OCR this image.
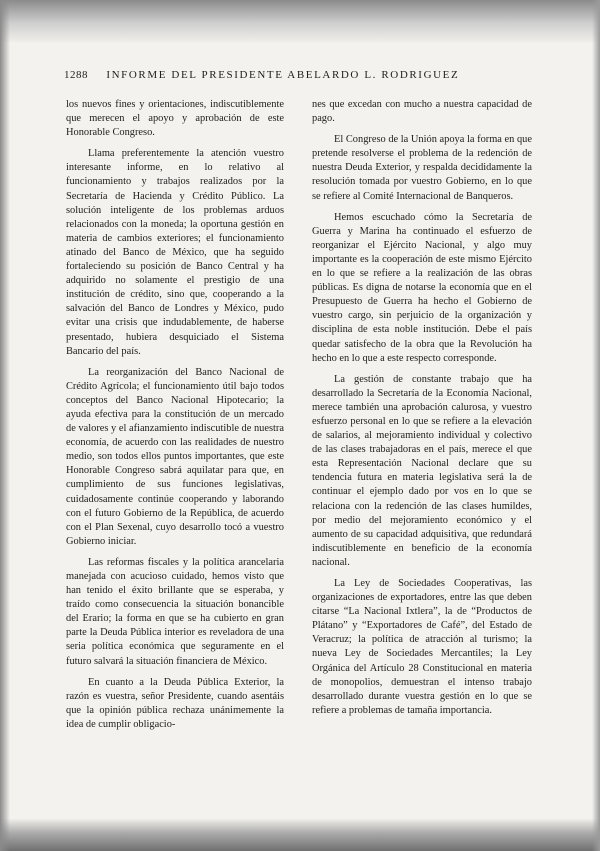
1288 INFORME DEL PRESIDENTE ABELARDO L. RODRIGUEZ

los nuevos fines y orientaciones, indiscutiblemente que merecen el apoyo y aprobación de este Honorable Congreso.

Llama preferentemente la atención vuestro interesante informe, en lo relativo al funcionamiento y trabajos realizados por la Secretaría de Hacienda y Crédito Público. La solución inteligente de los problemas arduos relacionados con la moneda; la oportuna gestión en materia de cambios exteriores; el funcionamiento atinado del Banco de México, que ha seguido fortaleciendo su posición de Banco Central y ha adquirido no solamente el prestigio de una institución de crédito, sino que, cooperando a la salvación del Banco de Londres y México, pudo evitar una crisis que indudablemente, de haberse presentado, hubiera desquiciado el Sistema Bancario del país.

La reorganización del Banco Nacional de Crédito Agrícola; el funcionamiento útil bajo todos conceptos del Banco Nacional Hipotecario; la ayuda efectiva para la constitución de un mercado de valores y el afianzamiento indiscutible de nuestra economía, de acuerdo con las realidades de nuestro medio, son todos ellos puntos importantes, que este Honorable Congreso sabrá aquilatar para que, en cumplimiento de sus funciones legislativas, cuidadosamente continúe cooperando y laborando con el futuro Gobierno de la República, de acuerdo con el Plan Sexenal, cuyo desarrollo tocó a vuestro Gobierno iniciar.

Las reformas fiscales y la política arancelaria manejada con acucioso cuidado, hemos visto que han tenido el éxito brillante que se esperaba, y traído como consecuencia la situación bonancible del Erario; la forma en que se ha cubierto en gran parte la Deuda Pública interior es reveladora de una seria política económica que seguramente en el futuro salvará la situación financiera de México.

En cuanto a la Deuda Pública Exterior, la razón es vuestra, señor Presidente, cuando asentáis que la opinión pública rechaza unánimemente la idea de cumplir obligacio-

nes que excedan con mucho a nuestra capacidad de pago.

El Congreso de la Unión apoya la forma en que pretende resolverse el problema de la redención de nuestra Deuda Exterior, y respalda decididamente la resolución tomada por vuestro Gobierno, en lo que se refiere al Comité Internacional de Banqueros.

Hemos escuchado cómo la Secretaría de Guerra y Marina ha continuado el esfuerzo de reorganizar el Ejército Nacional, y algo muy importante es la cooperación de este mismo Ejército en lo que se refiere a la realización de las obras públicas. Es digna de notarse la economía que en el Presupuesto de Guerra ha hecho el Gobierno de vuestro cargo, sin perjuicio de la organización y disciplina de esta noble institución. Debe el país quedar satisfecho de la obra que la Revolución ha hecho en lo que a este respecto corresponde.

La gestión de constante trabajo que ha desarrollado la Secretaría de la Economía Nacional, merece también una aprobación calurosa, y vuestro esfuerzo personal en lo que se refiere a la elevación de salarios, al mejoramiento individual y colectivo de las clases trabajadoras en el país, merece el que esta Representación Nacional declare que su tendencia futura en materia legislativa será la de continuar el ejemplo dado por vos en lo que se relaciona con la redención de las clases humildes, por medio del mejoramiento económico y el aumento de su capacidad adquisitiva, que redundará indiscutiblemente en beneficio de la economía nacional.

La Ley de Sociedades Cooperativas, las organizaciones de exportadores, entre las que deben citarse “La Nacional Ixtlera”, la de “Productos de Plátano” y “Exportadores de Café”, del Estado de Veracruz; la política de atracción al turismo; la nueva Ley de Sociedades Mercantiles; la Ley Orgánica del Artículo 28 Constitucional en materia de monopolios, demuestran el intenso trabajo desarrollado durante vuestra gestión en lo que se refiere a problemas de tamaña importancia.
